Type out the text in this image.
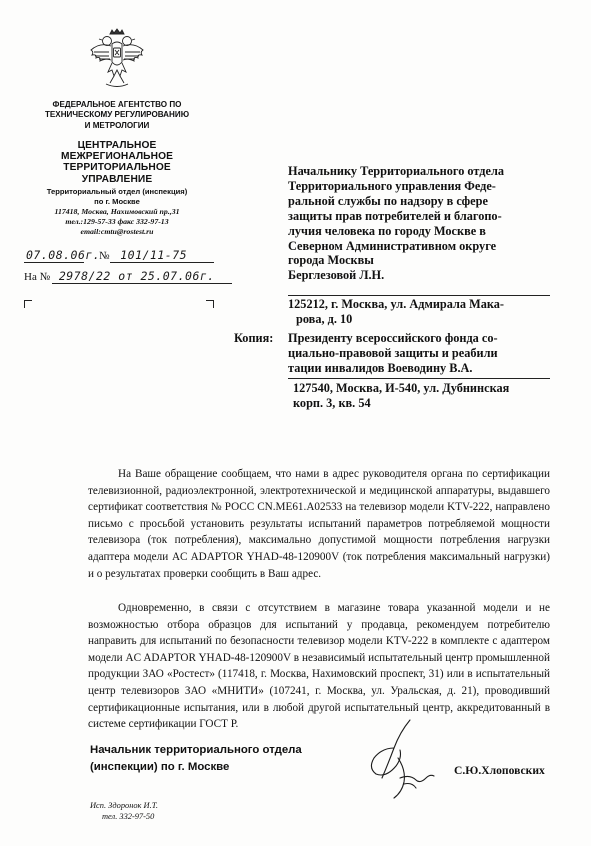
ФЕДЕРАЛЬНОЕ АГЕНТСТВО ПО
ТЕХНИЧЕСКОМУ РЕГУЛИРОВАНИЮ
И МЕТРОЛОГИИ
ЦЕНТРАЛЬНОЕ
МЕЖРЕГИОНАЛЬНОЕ
ТЕРРИТОРИАЛЬНОЕ
УПРАВЛЕНИЕ
Территориальный отдел (инспекция)
по г. Москве
117418, Москва, Нахимовский пр.,31
тел.:129-57-33 факс 332-97-13
email:cmtu@rostest.ru
07.08.06г.
№ 101/11-75
На № 2978/22 от 25.07.06г.
Начальнику Территориального отдела
Территориального управления Феде-
ральной службы по надзору в сфере
защиты прав потребителей и благопо-
лучия человека по городу Москве в
Северном Административном округе
города Москвы
Берглезовой Л.Н.
125212, г. Москва, ул. Адмирала Мака-
рова, д. 10
Копия: Президенту всероссийского фонда со-
циально-правовой защиты и реабили
тации инвалидов Воеводину В.А.
127540, Москва, И-540, ул. Дубнинская
корп. 3, кв. 54

На Ваше обращение сообщаем, что нами в адрес руководителя органа по сертификации телевизионной, радиоэлектронной, электротехнической и медицинской аппаратуры, выдавшего сертификат соответствия № РОСС CN.ME61.A02533 на телевизор модели KTV-222, направлено письмо с просьбой установить результаты испытаний параметров потребляемой мощности телевизора (ток потребления), максимально допустимой мощности потребления нагрузки адаптера модели AC ADAPTOR YHAD-48-120900V (ток потребления максимальный нагрузки) и о результатах проверки сообщить в Ваш адрес.

Одновременно, в связи с отсутствием в магазине товара указанной модели и не возможностью отбора образцов для испытаний у продавца, рекомендуем потребителю направить для испытаний по безопасности телевизор модели KTV-222 в комплекте с адаптером модели AC ADAPTOR YHAD-48-120900V в независимый испытательный центр промышленной продукции ЗАО «Ростест» (117418, г. Москва, Нахимовский проспект, 31) или в испытательный центр телевизоров ЗАО «МНИТИ» (107241, г. Москва, ул. Уральская, д. 21), проводивший сертификационные испытания, или в любой другой испытательный центр, аккредитованный в системе сертификации ГОСТ Р.

Начальник территориального отдела
(инспекции) по г. Москве	С.Ю.Хлоповских
Исп. Здоронок И.Т.
тел. 332-97-50
